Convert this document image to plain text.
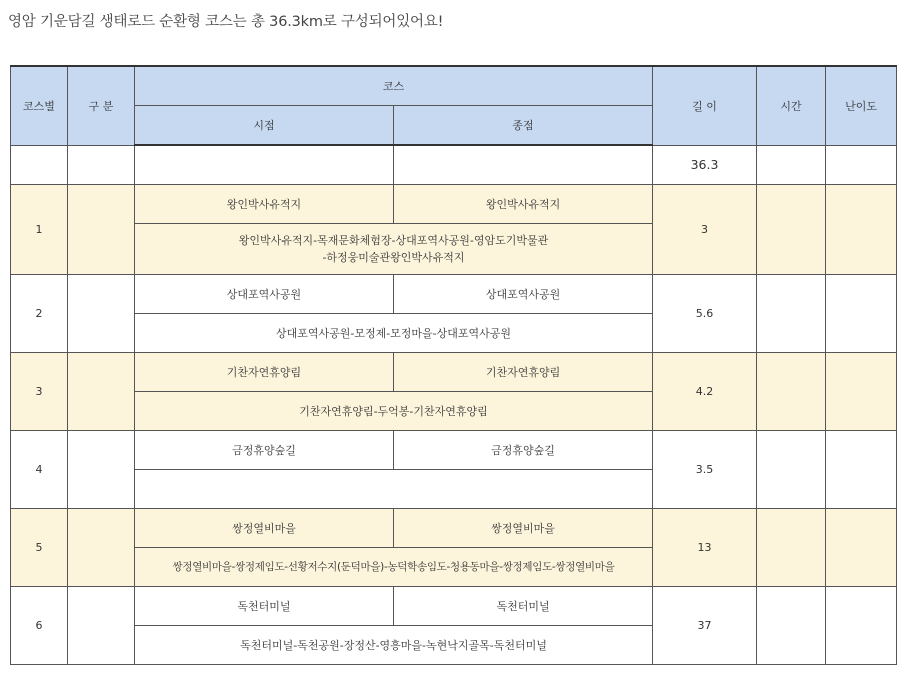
영암 기운담길 생태로드 순환형 코스는 총 36.3km로 구성되어있어요!
코스별	구 분	코스		길 이	시간	난이도
		시점	종점			
				36.3		
1		왕인박사유적지	왕인박사유적지	3		
		왕인박사유적지-목재문화체험장-상대포역사공원-영암도기박물관
-하정웅미술관왕인박사유적지				
2		상대포역사공원	상대포역사공원	5.6		
		상대포역사공원-모정제-모정마을-상대포역사공원				
3		기찬자연휴양림	기찬자연휴양림	4.2		
		기찬자연휴양림-두억봉-기찬자연휴양림				
4		금정휴양숲길	금정휴양숲길	3.5		

5		쌍정열비마을	쌍정열비마을	13		
		쌍정열비마을-쌍정제임도-선황저수지(둔덕마을)-농덕학송임도-청용동마을-쌍정제임도-쌍정열비마을				
6		독천터미널	독천터미널	37		
		독천터미널-독천공원-장정산-영흥마을-녹현낙지골목-독천터미널				
